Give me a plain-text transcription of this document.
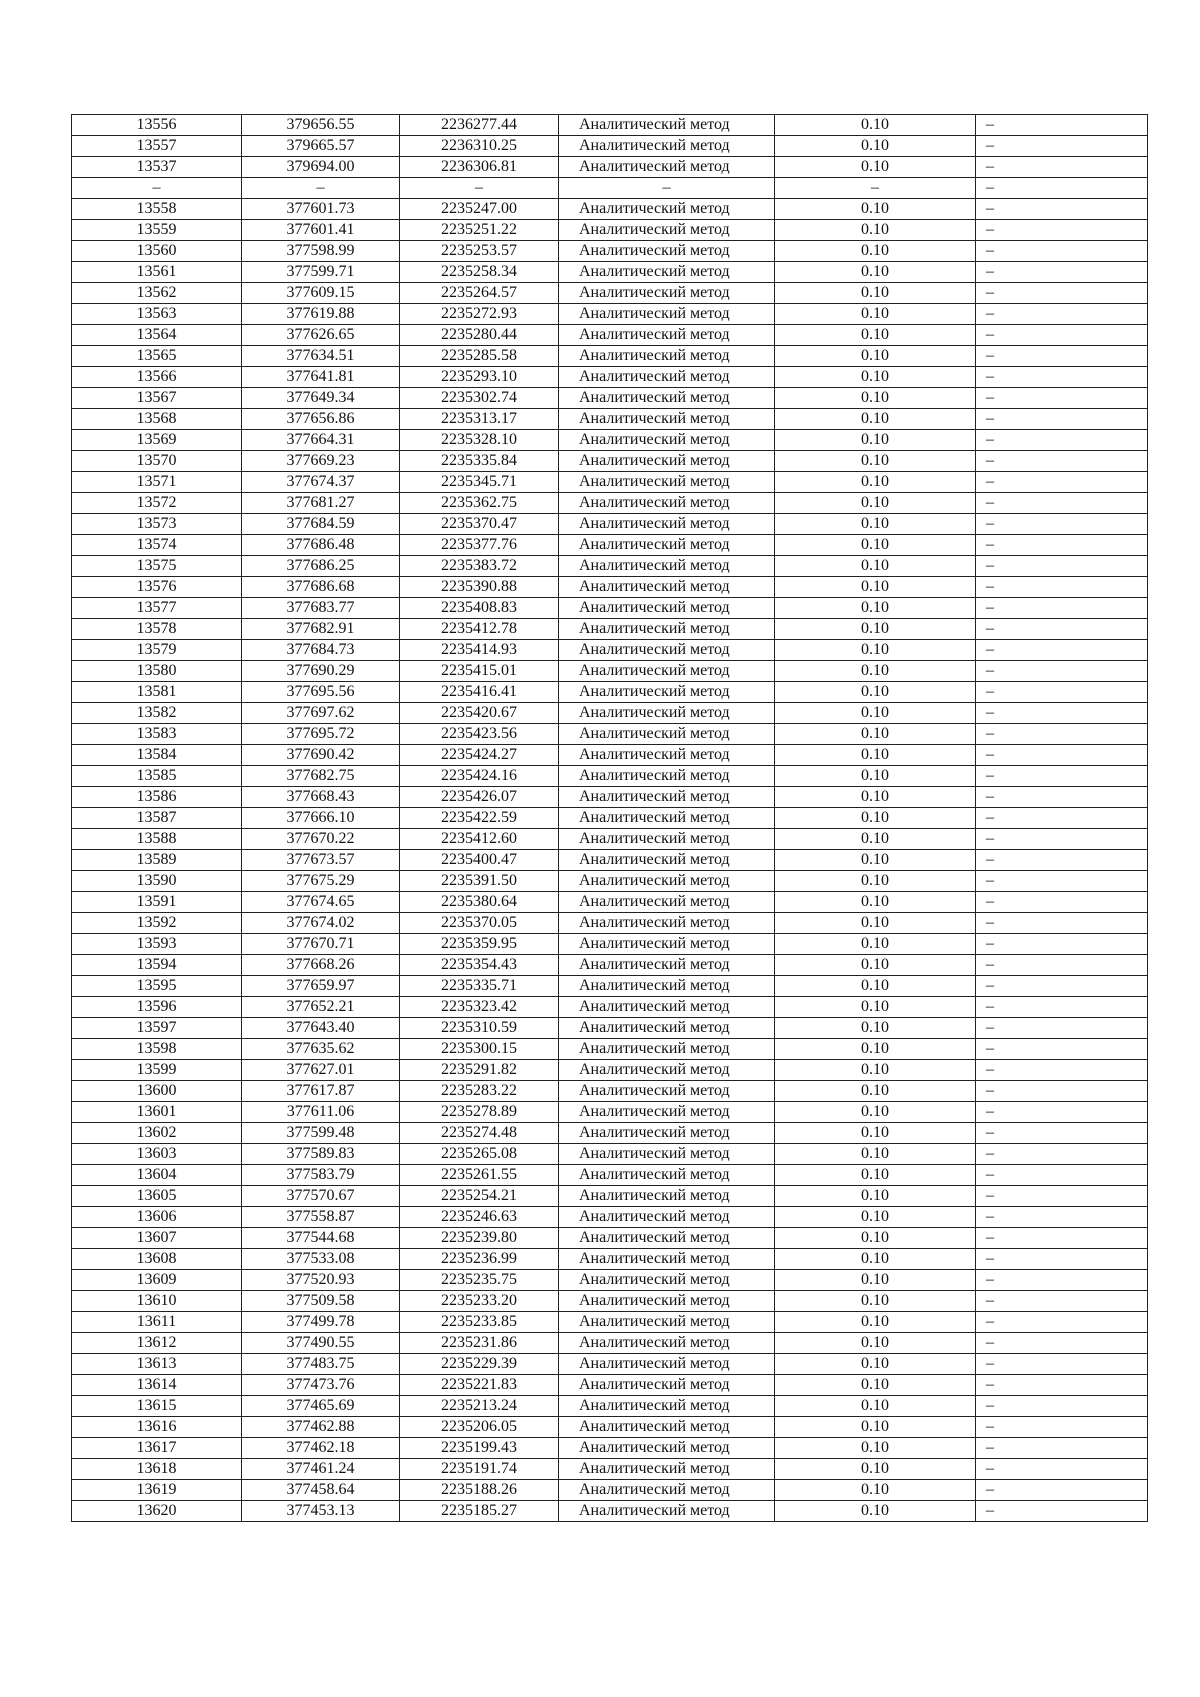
13556	379656.55	2236277.44	Аналитический метод	0.10	–
13557	379665.57	2236310.25	Аналитический метод	0.10	–
13537	379694.00	2236306.81	Аналитический метод	0.10	–
–	–	–	–	–	–
13558	377601.73	2235247.00	Аналитический метод	0.10	–
13559	377601.41	2235251.22	Аналитический метод	0.10	–
13560	377598.99	2235253.57	Аналитический метод	0.10	–
13561	377599.71	2235258.34	Аналитический метод	0.10	–
13562	377609.15	2235264.57	Аналитический метод	0.10	–
13563	377619.88	2235272.93	Аналитический метод	0.10	–
13564	377626.65	2235280.44	Аналитический метод	0.10	–
13565	377634.51	2235285.58	Аналитический метод	0.10	–
13566	377641.81	2235293.10	Аналитический метод	0.10	–
13567	377649.34	2235302.74	Аналитический метод	0.10	–
13568	377656.86	2235313.17	Аналитический метод	0.10	–
13569	377664.31	2235328.10	Аналитический метод	0.10	–
13570	377669.23	2235335.84	Аналитический метод	0.10	–
13571	377674.37	2235345.71	Аналитический метод	0.10	–
13572	377681.27	2235362.75	Аналитический метод	0.10	–
13573	377684.59	2235370.47	Аналитический метод	0.10	–
13574	377686.48	2235377.76	Аналитический метод	0.10	–
13575	377686.25	2235383.72	Аналитический метод	0.10	–
13576	377686.68	2235390.88	Аналитический метод	0.10	–
13577	377683.77	2235408.83	Аналитический метод	0.10	–
13578	377682.91	2235412.78	Аналитический метод	0.10	–
13579	377684.73	2235414.93	Аналитический метод	0.10	–
13580	377690.29	2235415.01	Аналитический метод	0.10	–
13581	377695.56	2235416.41	Аналитический метод	0.10	–
13582	377697.62	2235420.67	Аналитический метод	0.10	–
13583	377695.72	2235423.56	Аналитический метод	0.10	–
13584	377690.42	2235424.27	Аналитический метод	0.10	–
13585	377682.75	2235424.16	Аналитический метод	0.10	–
13586	377668.43	2235426.07	Аналитический метод	0.10	–
13587	377666.10	2235422.59	Аналитический метод	0.10	–
13588	377670.22	2235412.60	Аналитический метод	0.10	–
13589	377673.57	2235400.47	Аналитический метод	0.10	–
13590	377675.29	2235391.50	Аналитический метод	0.10	–
13591	377674.65	2235380.64	Аналитический метод	0.10	–
13592	377674.02	2235370.05	Аналитический метод	0.10	–
13593	377670.71	2235359.95	Аналитический метод	0.10	–
13594	377668.26	2235354.43	Аналитический метод	0.10	–
13595	377659.97	2235335.71	Аналитический метод	0.10	–
13596	377652.21	2235323.42	Аналитический метод	0.10	–
13597	377643.40	2235310.59	Аналитический метод	0.10	–
13598	377635.62	2235300.15	Аналитический метод	0.10	–
13599	377627.01	2235291.82	Аналитический метод	0.10	–
13600	377617.87	2235283.22	Аналитический метод	0.10	–
13601	377611.06	2235278.89	Аналитический метод	0.10	–
13602	377599.48	2235274.48	Аналитический метод	0.10	–
13603	377589.83	2235265.08	Аналитический метод	0.10	–
13604	377583.79	2235261.55	Аналитический метод	0.10	–
13605	377570.67	2235254.21	Аналитический метод	0.10	–
13606	377558.87	2235246.63	Аналитический метод	0.10	–
13607	377544.68	2235239.80	Аналитический метод	0.10	–
13608	377533.08	2235236.99	Аналитический метод	0.10	–
13609	377520.93	2235235.75	Аналитический метод	0.10	–
13610	377509.58	2235233.20	Аналитический метод	0.10	–
13611	377499.78	2235233.85	Аналитический метод	0.10	–
13612	377490.55	2235231.86	Аналитический метод	0.10	–
13613	377483.75	2235229.39	Аналитический метод	0.10	–
13614	377473.76	2235221.83	Аналитический метод	0.10	–
13615	377465.69	2235213.24	Аналитический метод	0.10	–
13616	377462.88	2235206.05	Аналитический метод	0.10	–
13617	377462.18	2235199.43	Аналитический метод	0.10	–
13618	377461.24	2235191.74	Аналитический метод	0.10	–
13619	377458.64	2235188.26	Аналитический метод	0.10	–
13620	377453.13	2235185.27	Аналитический метод	0.10	–
